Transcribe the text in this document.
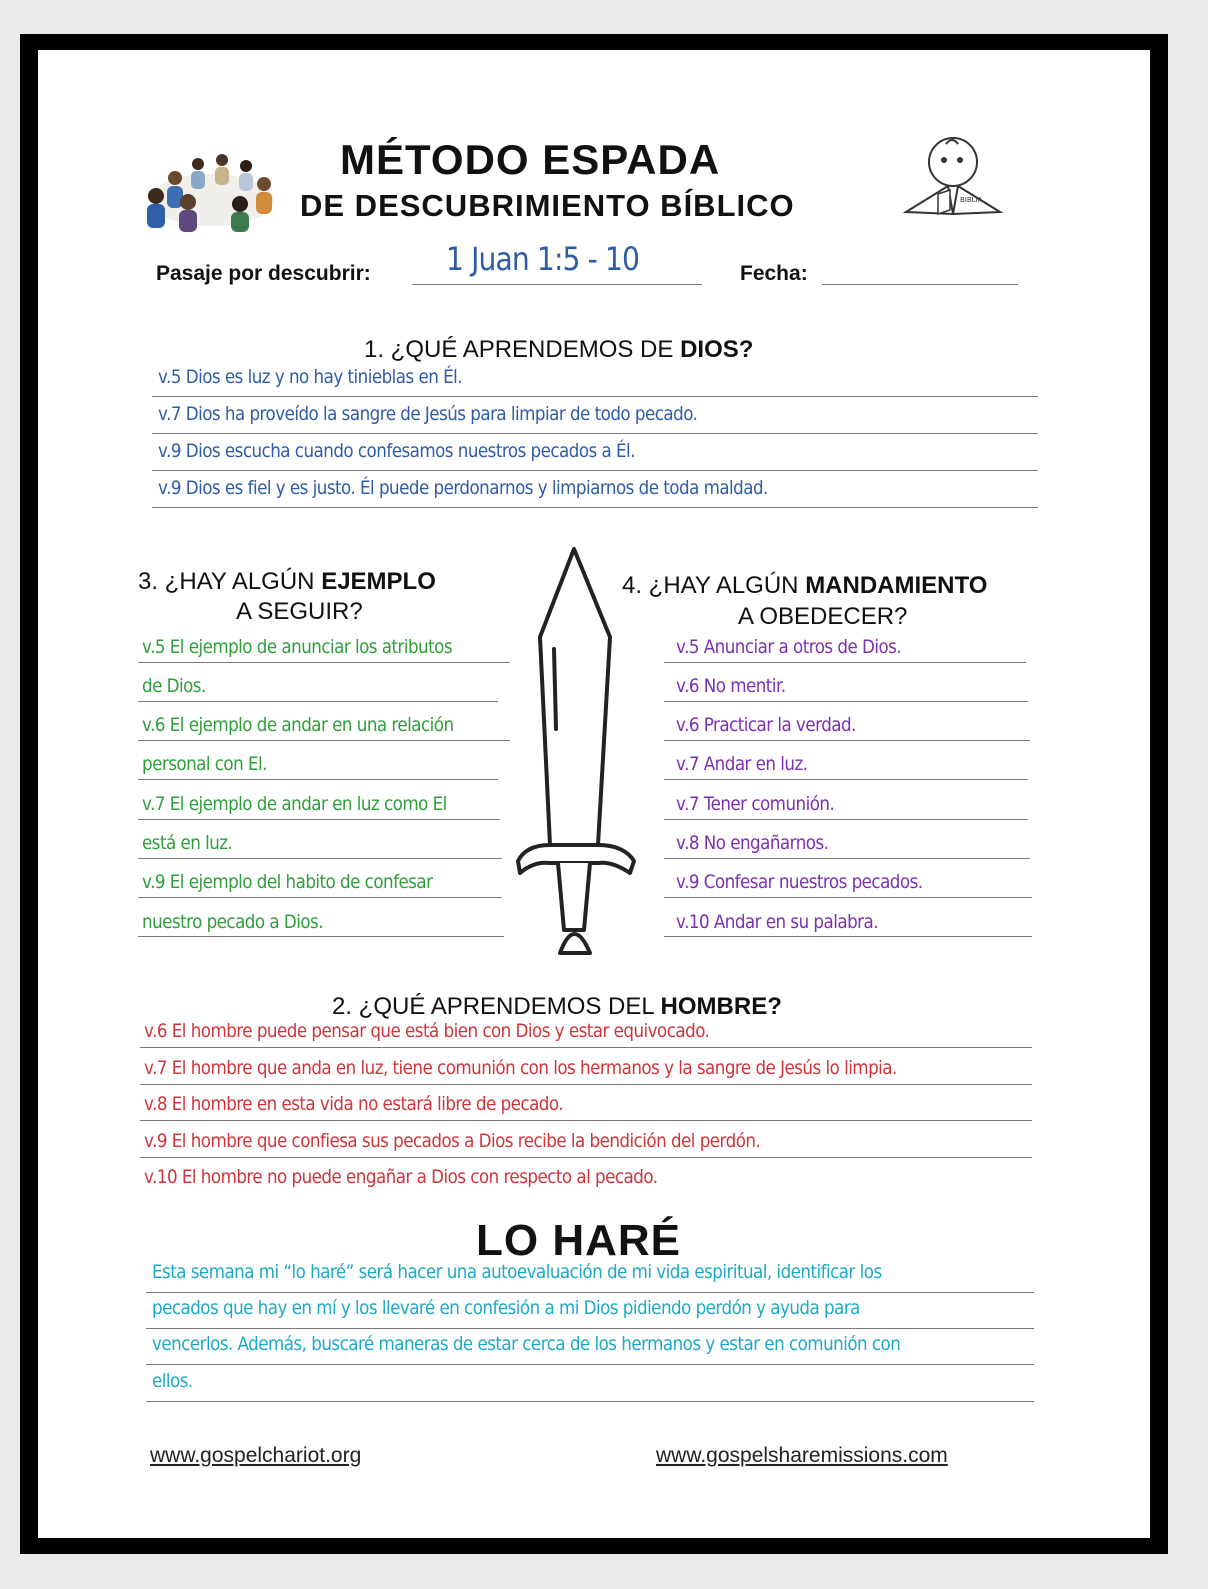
BIBLIA
MÉTODO ESPADA
DE DESCUBRIMIENTO BÍBLICO
Pasaje por descubrir: 1 Juan 1:5 - 10	Fecha:
1. ¿QUÉ APRENDEMOS DE DIOS?
v.5 Dios es luz y no hay tinieblas en Él.
v.7 Dios ha proveído la sangre de Jesús para limpiar de todo pecado.
v.9 Dios escucha cuando confesamos nuestros pecados a Él.
v.9 Dios es fiel y es justo. Él puede perdonarnos y limpiarnos de toda maldad.
3. ¿HAY ALGÚN EJEMPLO
A SEGUIR?
v.5 El ejemplo de anunciar los atributos
de Dios.
v.6 El ejemplo de andar en una relación
personal con El.
v.7 El ejemplo de andar en luz como El
está en luz.
v.9 El ejemplo del habito de confesar
nuestro pecado a Dios.
4. ¿HAY ALGÚN MANDAMIENTO
A OBEDECER?
v.5 Anunciar a otros de Dios.
v.6 No mentir.
v.6 Practicar la verdad.
v.7 Andar en luz.
v.7 Tener comunión.
v.8 No engañarnos.
v.9 Confesar nuestros pecados.
v.10 Andar en su palabra.
2. ¿QUÉ APRENDEMOS DEL HOMBRE?
v.6 El hombre puede pensar que está bien con Dios y estar equivocado.
v.7 El hombre que anda en luz, tiene comunión con los hermanos y la sangre de Jesús lo limpia.
v.8 El hombre en esta vida no estará libre de pecado.
v.9 El hombre que confiesa sus pecados a Dios recibe la bendición del perdón.
v.10 El hombre no puede engañar a Dios con respecto al pecado.
LO HARÉ
Esta semana mi “lo haré” será hacer una autoevaluación de mi vida espiritual, identificar los
pecados que hay en mí y los llevaré en confesión a mi Dios pidiendo perdón y ayuda para
vencerlos. Además, buscaré maneras de estar cerca de los hermanos y estar en comunión con
ellos.
www.gospelchariot.org	www.gospelsharemissions.com
